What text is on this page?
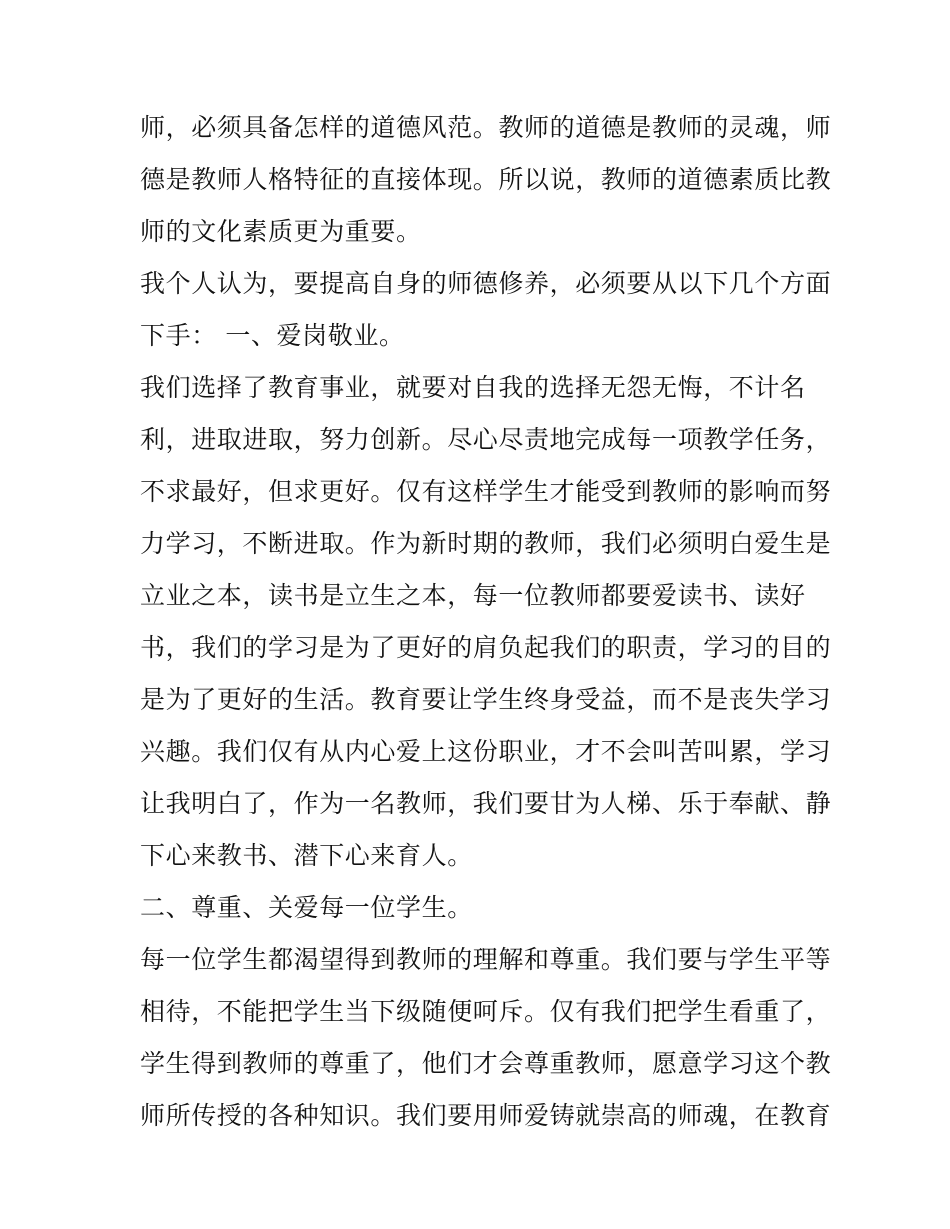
师，必须具备怎样的道德风范。教师的道德是教师的灵魂，师
德是教师人格特征的直接体现。所以说，教师的道德素质比教
师的文化素质更为重要。
我个人认为，要提高自身的师德修养，必须要从以下几个方面
下手： 一、爱岗敬业。
我们选择了教育事业，就要对自我的选择无怨无悔，不计名
利，进取进取，努力创新。尽心尽责地完成每一项教学任务，
不求最好，但求更好。仅有这样学生才能受到教师的影响而努
力学习，不断进取。作为新时期的教师，我们必须明白爱生是
立业之本，读书是立生之本，每一位教师都要爱读书、读好
书，我们的学习是为了更好的肩负起我们的职责，学习的目的
是为了更好的生活。教育要让学生终身受益，而不是丧失学习
兴趣。我们仅有从内心爱上这份职业，才不会叫苦叫累，学习
让我明白了，作为一名教师，我们要甘为人梯、乐于奉献、静
下心来教书、潜下心来育人。
二、尊重、关爱每一位学生。
每一位学生都渴望得到教师的理解和尊重。我们要与学生平等
相待，不能把学生当下级随便呵斥。仅有我们把学生看重了，
学生得到教师的尊重了，他们才会尊重教师，愿意学习这个教
师所传授的各种知识。我们要用师爱铸就崇高的师魂，在教育
